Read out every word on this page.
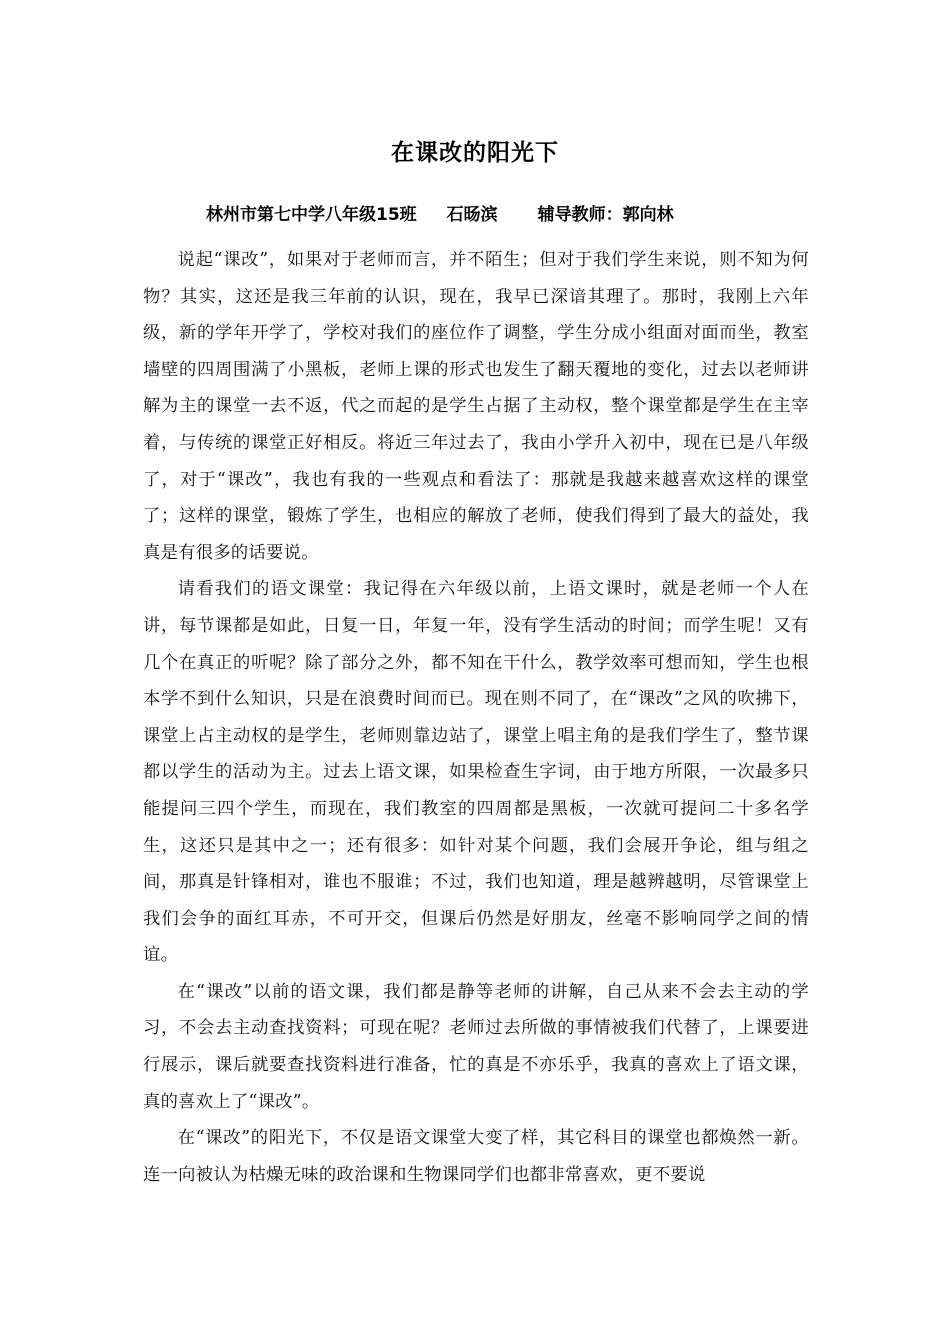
在课改的阳光下
林州市第七中学八年级15班 石旸滨 辅导教师：郭向林

说起“课改”，如果对于老师而言，并不陌生；但对于我们学生来说，则不知为何物？其实，这还是我三年前的认识，现在，我早已深谙其理了。那时，我刚上六年级，新的学年开学了，学校对我们的座位作了调整，学生分成小组面对面而坐，教室墙壁的四周围满了小黑板，老师上课的形式也发生了翻天覆地的变化，过去以老师讲解为主的课堂一去不返，代之而起的是学生占据了主动权，整个课堂都是学生在主宰着，与传统的课堂正好相反。将近三年过去了，我由小学升入初中，现在已是八年级了，对于“课改”，我也有我的一些观点和看法了：那就是我越来越喜欢这样的课堂了；这样的课堂，锻炼了学生，也相应的解放了老师，使我们得到了最大的益处，我真是有很多的话要说。

请看我们的语文课堂：我记得在六年级以前，上语文课时，就是老师一个人在讲，每节课都是如此，日复一日，年复一年，没有学生活动的时间；而学生呢！又有几个在真正的听呢？除了部分之外，都不知在干什么，教学效率可想而知，学生也根本学不到什么知识，只是在浪费时间而已。现在则不同了，在“课改”之风的吹拂下，课堂上占主动权的是学生，老师则靠边站了，课堂上唱主角的是我们学生了，整节课都以学生的活动为主。过去上语文课，如果检查生字词，由于地方所限，一次最多只能提问三四个学生，而现在，我们教室的四周都是黑板，一次就可提问二十多名学生，这还只是其中之一；还有很多：如针对某个问题，我们会展开争论，组与组之间，那真是针锋相对，谁也不服谁；不过，我们也知道，理是越辨越明，尽管课堂上我们会争的面红耳赤，不可开交，但课后仍然是好朋友，丝毫不影响同学之间的情谊。

在“课改”以前的语文课，我们都是静等老师的讲解，自己从来不会去主动的学习，不会去主动查找资料；可现在呢？老师过去所做的事情被我们代替了，上课要进行展示，课后就要查找资料进行准备，忙的真是不亦乐乎，我真的喜欢上了语文课，真的喜欢上了“课改”。

在“课改”的阳光下，不仅是语文课堂大变了样，其它科目的课堂也都焕然一新。连一向被认为枯燥无味的政治课和生物课同学们也都非常喜欢，更不要说
